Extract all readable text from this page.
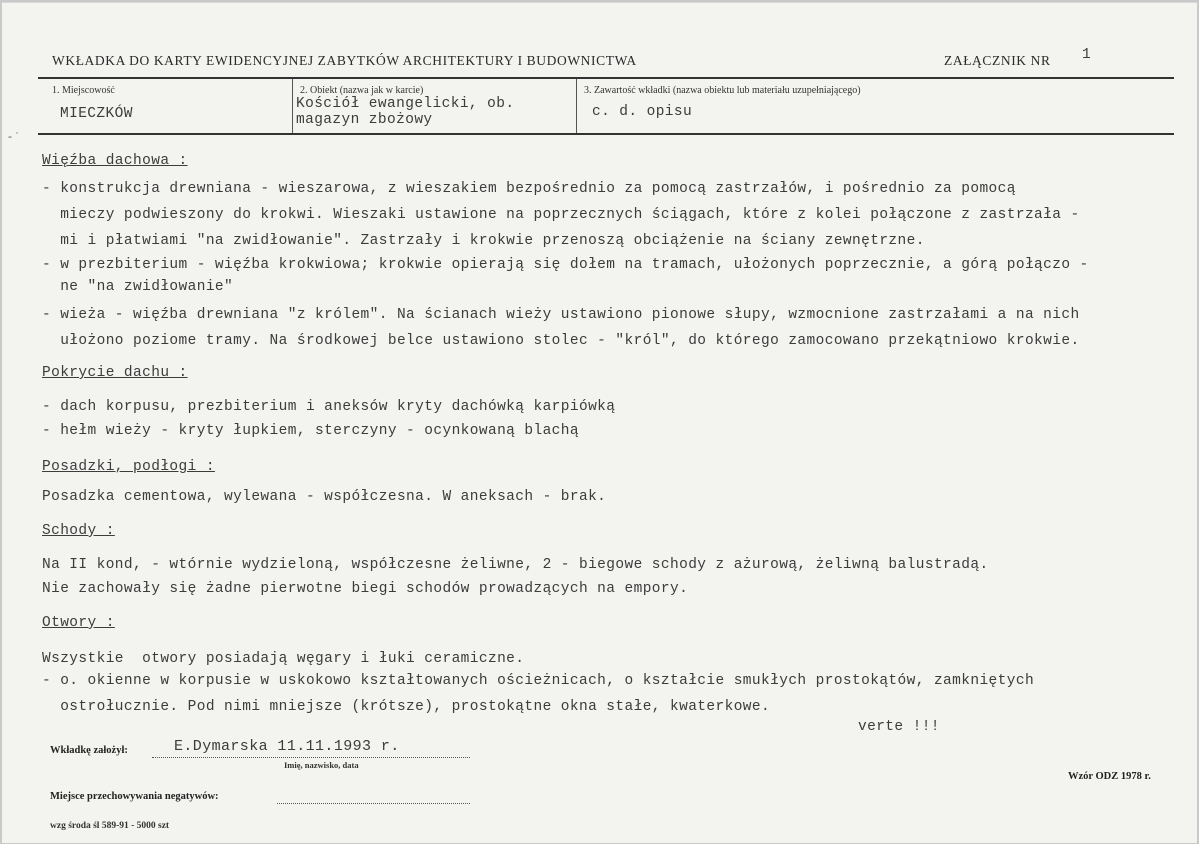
WKŁADKA DO KARTY EWIDENCYJNEJ ZABYTKÓW ARCHITEKTURY I BUDOWNICTWA	ZAŁĄCZNIK NR 1
1. Miejscowość
MIECZKÓW
2. Obiekt (nazwa jak w karcie)
Kościół ewangelicki, ob.
magazyn zbożowy
3. Zawartość wkładki (nazwa obiektu lub materiału uzupełniającego)
c. d. opisu
- ˙
Więźba dachowa :
- konstrukcja drewniana - wieszarowa, z wieszakiem bezpośrednio za pomocą zastrzałów, i pośrednio za pomocą
mieczy podwieszony do krokwi. Wieszaki ustawione na poprzecznych ściągach, które z kolei połączone z zastrzała -
mi i płatwiami "na zwidłowanie". Zastrzały i krokwie przenoszą obciążenie na ściany zewnętrzne.
- w prezbiterium - więźba krokwiowa; krokwie opierają się dołem na tramach, ułożonych poprzecznie, a górą połączo -
ne "na zwidłowanie"
- wieża - więźba drewniana "z królem". Na ścianach wieży ustawiono pionowe słupy, wzmocnione zastrzałami a na nich
ułożono poziome tramy. Na środkowej belce ustawiono stolec - "król", do którego zamocowano przekątniowo krokwie.
Pokrycie dachu :
- dach korpusu, prezbiterium i aneksów kryty dachówką karpiówką
- hełm wieży - kryty łupkiem, sterczyny - ocynkowaną blachą
Posadzki, podłogi :
Posadzka cementowa, wylewana - współczesna. W aneksach - brak.
Schody :
Na II kond, - wtórnie wydzieloną, współczesne żeliwne, 2 - biegowe schody z ażurową, żeliwną balustradą.
Nie zachowały się żadne pierwotne biegi schodów prowadzących na empory.
Otwory :
Wszystkie  otwory posiadają węgary i łuki ceramiczne.
- o. okienne w korpusie w uskokowo kształtowanych ościeżnicach, o kształcie smukłych prostokątów, zamkniętych
ostrołucznie. Pod nimi mniejsze (krótsze), prostokątne okna stałe, kwaterkowe.
verte !!!
Wkładkę założył:	E.Dymarska 11.11.1993 r.
Imię, nazwisko, data
Wzór ODZ 1978 r.
Miejsce przechowywania negatywów:
wzg środa śl 589-91 - 5000 szt
